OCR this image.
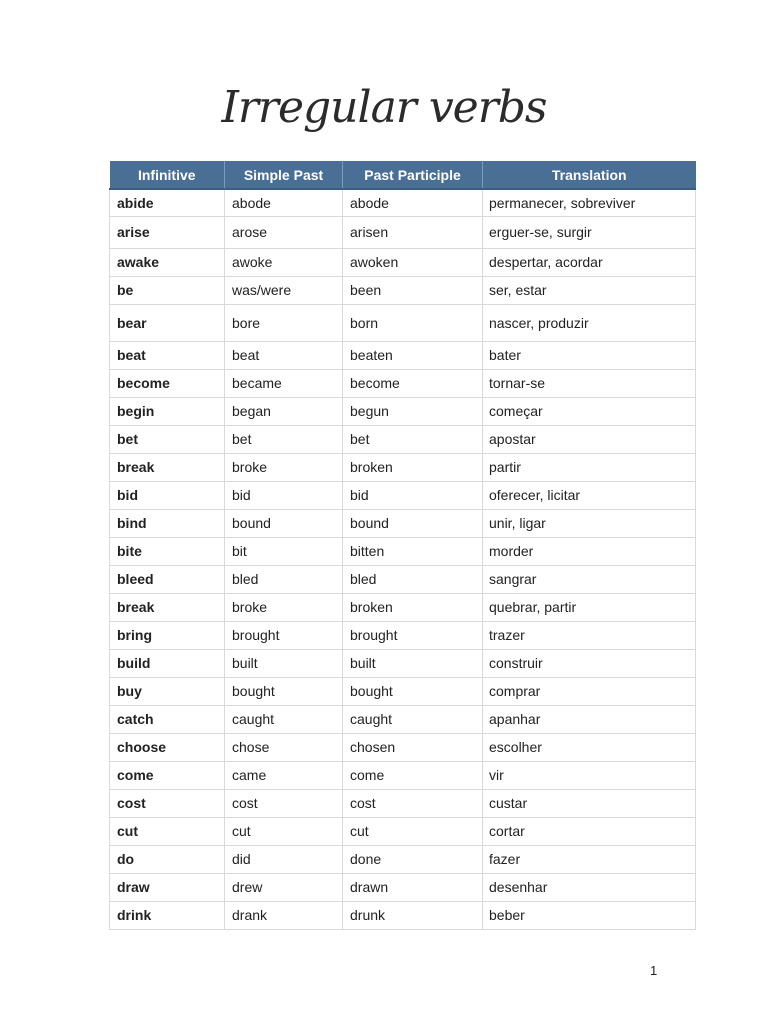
Irregular verbs
Infinitive	Simple Past	Past Participle	Translation
abide	abode	abode	permanecer, sobreviver
arise	arose	arisen	erguer-se, surgir
awake	awoke	awoken	despertar, acordar
be	was/were	been	ser, estar
bear	bore	born	nascer, produzir
beat	beat	beaten	bater
become	became	become	tornar-se
begin	began	begun	começar
bet	bet	bet	apostar
break	broke	broken	partir
bid	bid	bid	oferecer, licitar
bind	bound	bound	unir, ligar
bite	bit	bitten	morder
bleed	bled	bled	sangrar
break	broke	broken	quebrar, partir
bring	brought	brought	trazer
build	built	built	construir
buy	bought	bought	comprar
catch	caught	caught	apanhar
choose	chose	chosen	escolher
come	came	come	vir
cost	cost	cost	custar
cut	cut	cut	cortar
do	did	done	fazer
draw	drew	drawn	desenhar
drink	drank	drunk	beber
1
